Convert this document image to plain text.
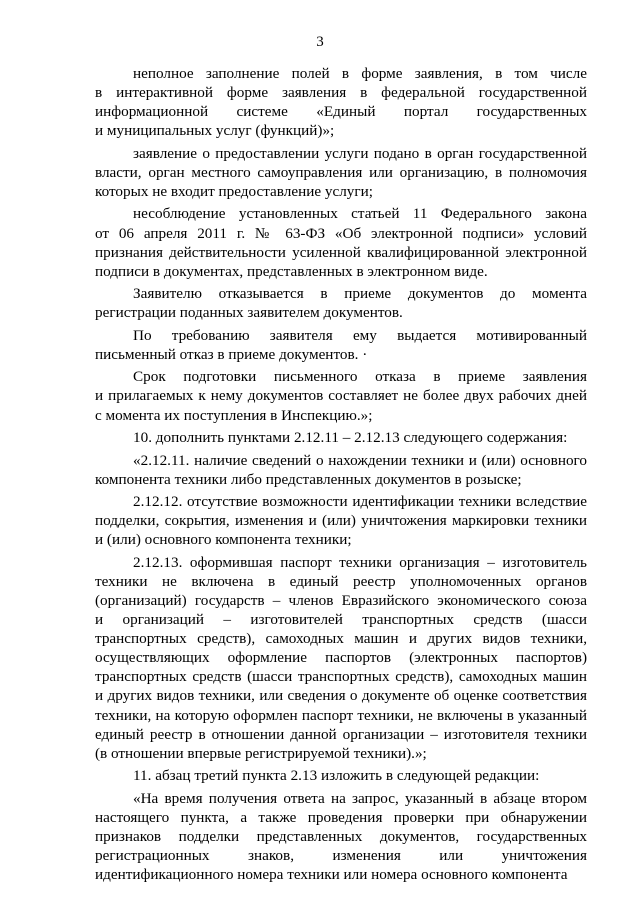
3
неполное заполнение полей в форме заявления, в том числе
в интерактивной форме заявления в федеральной государственной
информационной системе «Единый портал государственных
и муниципальных услуг (функций)»;
заявление о предоставлении услуги подано в орган государственной
власти, орган местного самоуправления или организацию, в полномочия
которых не входит предоставление услуги;
несоблюдение установленных статьей 11 Федерального закона
от 06 апреля 2011 г. № 63-ФЗ «Об электронной подписи» условий
признания действительности усиленной квалифицированной электронной
подписи в документах, представленных в электронном виде.
Заявителю отказывается в приеме документов до момента
регистрации поданных заявителем документов.
По требованию заявителя ему выдается мотивированный
письменный отказ в приеме документов. ·
Срок подготовки письменного отказа в приеме заявления
и прилагаемых к нему документов составляет не более двух рабочих дней
с момента их поступления в Инспекцию.»;
10. дополнить пунктами 2.12.11 – 2.12.13 следующего содержания:
«2.12.11. наличие сведений о нахождении техники и (или) основного
компонента техники либо представленных документов в розыске;
2.12.12. отсутствие возможности идентификации техники вследствие
подделки, сокрытия, изменения и (или) уничтожения маркировки техники
и (или) основного компонента техники;
2.12.13. оформившая паспорт техники организация – изготовитель
техники не включена в единый реестр уполномоченных органов
(организаций) государств – членов Евразийского экономического союза
и организаций – изготовителей транспортных средств (шасси
транспортных средств), самоходных машин и других видов техники,
осуществляющих оформление паспортов (электронных паспортов)
транспортных средств (шасси транспортных средств), самоходных машин
и других видов техники, или сведения о документе об оценке соответствия
техники, на которую оформлен паспорт техники, не включены в указанный
единый реестр в отношении данной организации – изготовителя техники
(в отношении впервые регистрируемой техники).»;
11. абзац третий пункта 2.13 изложить в следующей редакции:
«На время получения ответа на запрос, указанный в абзаце втором
настоящего пункта, а также проведения проверки при обнаружении
признаков подделки представленных документов, государственных
регистрационных знаков, изменения или уничтожения
идентификационного номера техники или номера основного компонента
